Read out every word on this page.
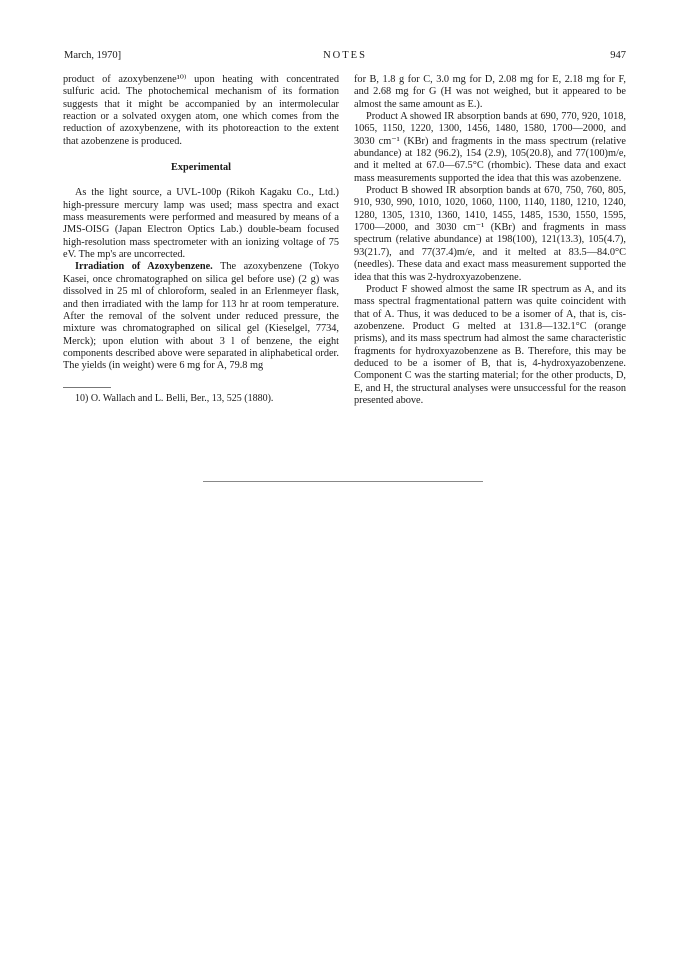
March, 1970]	NOTES	947

product of azoxybenzene¹⁰⁾ upon heating with concentrated sulfuric acid. The photochemical mechanism of its formation suggests that it might be accompanied by an intermolecular reaction or a solvated oxygen atom, one which comes from the reduction of azoxybenzene, with its photoreaction to the extent that azobenzene is produced.

Experimental

As the light source, a UVL-100p (Rikoh Kagaku Co., Ltd.) high-pressure mercury lamp was used; mass spectra and exact mass measurements were performed and measured by means of a JMS-OISG (Japan Electron Optics Lab.) double-beam focused high-resolution mass spectrometer with an ionizing voltage of 75 eV. The mp's are uncorrected.

Irradiation of Azoxybenzene. The azoxybenzene (Tokyo Kasei, once chromatographed on silica gel before use) (2 g) was dissolved in 25 ml of chloroform, sealed in an Erlenmeyer flask, and then irradiated with the lamp for 113 hr at room temperature. After the removal of the solvent under reduced pressure, the mixture was chromatographed on silical gel (Kieselgel, 7734, Merck); upon elution with about 3 l of benzene, the eight components described above were separated in aliphabetical order. The yields (in weight) were 6 mg for A, 79.8 mg

10) O. Wallach and L. Belli, Ber., 13, 525 (1880).

for B, 1.8 g for C, 3.0 mg for D, 2.08 mg for E, 2.18 mg for F, and 2.68 mg for G (H was not weighed, but it appeared to be almost the same amount as E.).

Product A showed IR absorption bands at 690, 770, 920, 1018, 1065, 1150, 1220, 1300, 1456, 1480, 1580, 1700—2000, and 3030 cm⁻¹ (KBr) and fragments in the mass spectrum (relative abundance) at 182 (96.2), 154 (2.9), 105(20.8), and 77(100)m/e, and it melted at 67.0—67.5°C (rhombic). These data and exact mass measurements supported the idea that this was azobenzene.

Product B showed IR absorption bands at 670, 750, 760, 805, 910, 930, 990, 1010, 1020, 1060, 1100, 1140, 1180, 1210, 1240, 1280, 1305, 1310, 1360, 1410, 1455, 1485, 1530, 1550, 1595, 1700—2000, and 3030 cm⁻¹ (KBr) and fragments in mass spectrum (relative abundance) at 198(100), 121(13.3), 105(4.7), 93(21.7), and 77(37.4)m/e, and it melted at 83.5—84.0°C (needles). These data and exact mass measurement supported the idea that this was 2-hydroxyazobenzene.

Product F showed almost the same IR spectrum as A, and its mass spectral fragmentational pattern was quite coincident with that of A. Thus, it was deduced to be a isomer of A, that is, cis-azobenzene. Product G melted at 131.8—132.1°C (orange prisms), and its mass spectrum had almost the same characteristic fragments for hydroxyazobenzene as B. Therefore, this may be deduced to be a isomer of B, that is, 4-hydroxyazobenzene. Component C was the starting material; for the other products, D, E, and H, the structural analyses were unsuccessful for the reason presented above.
